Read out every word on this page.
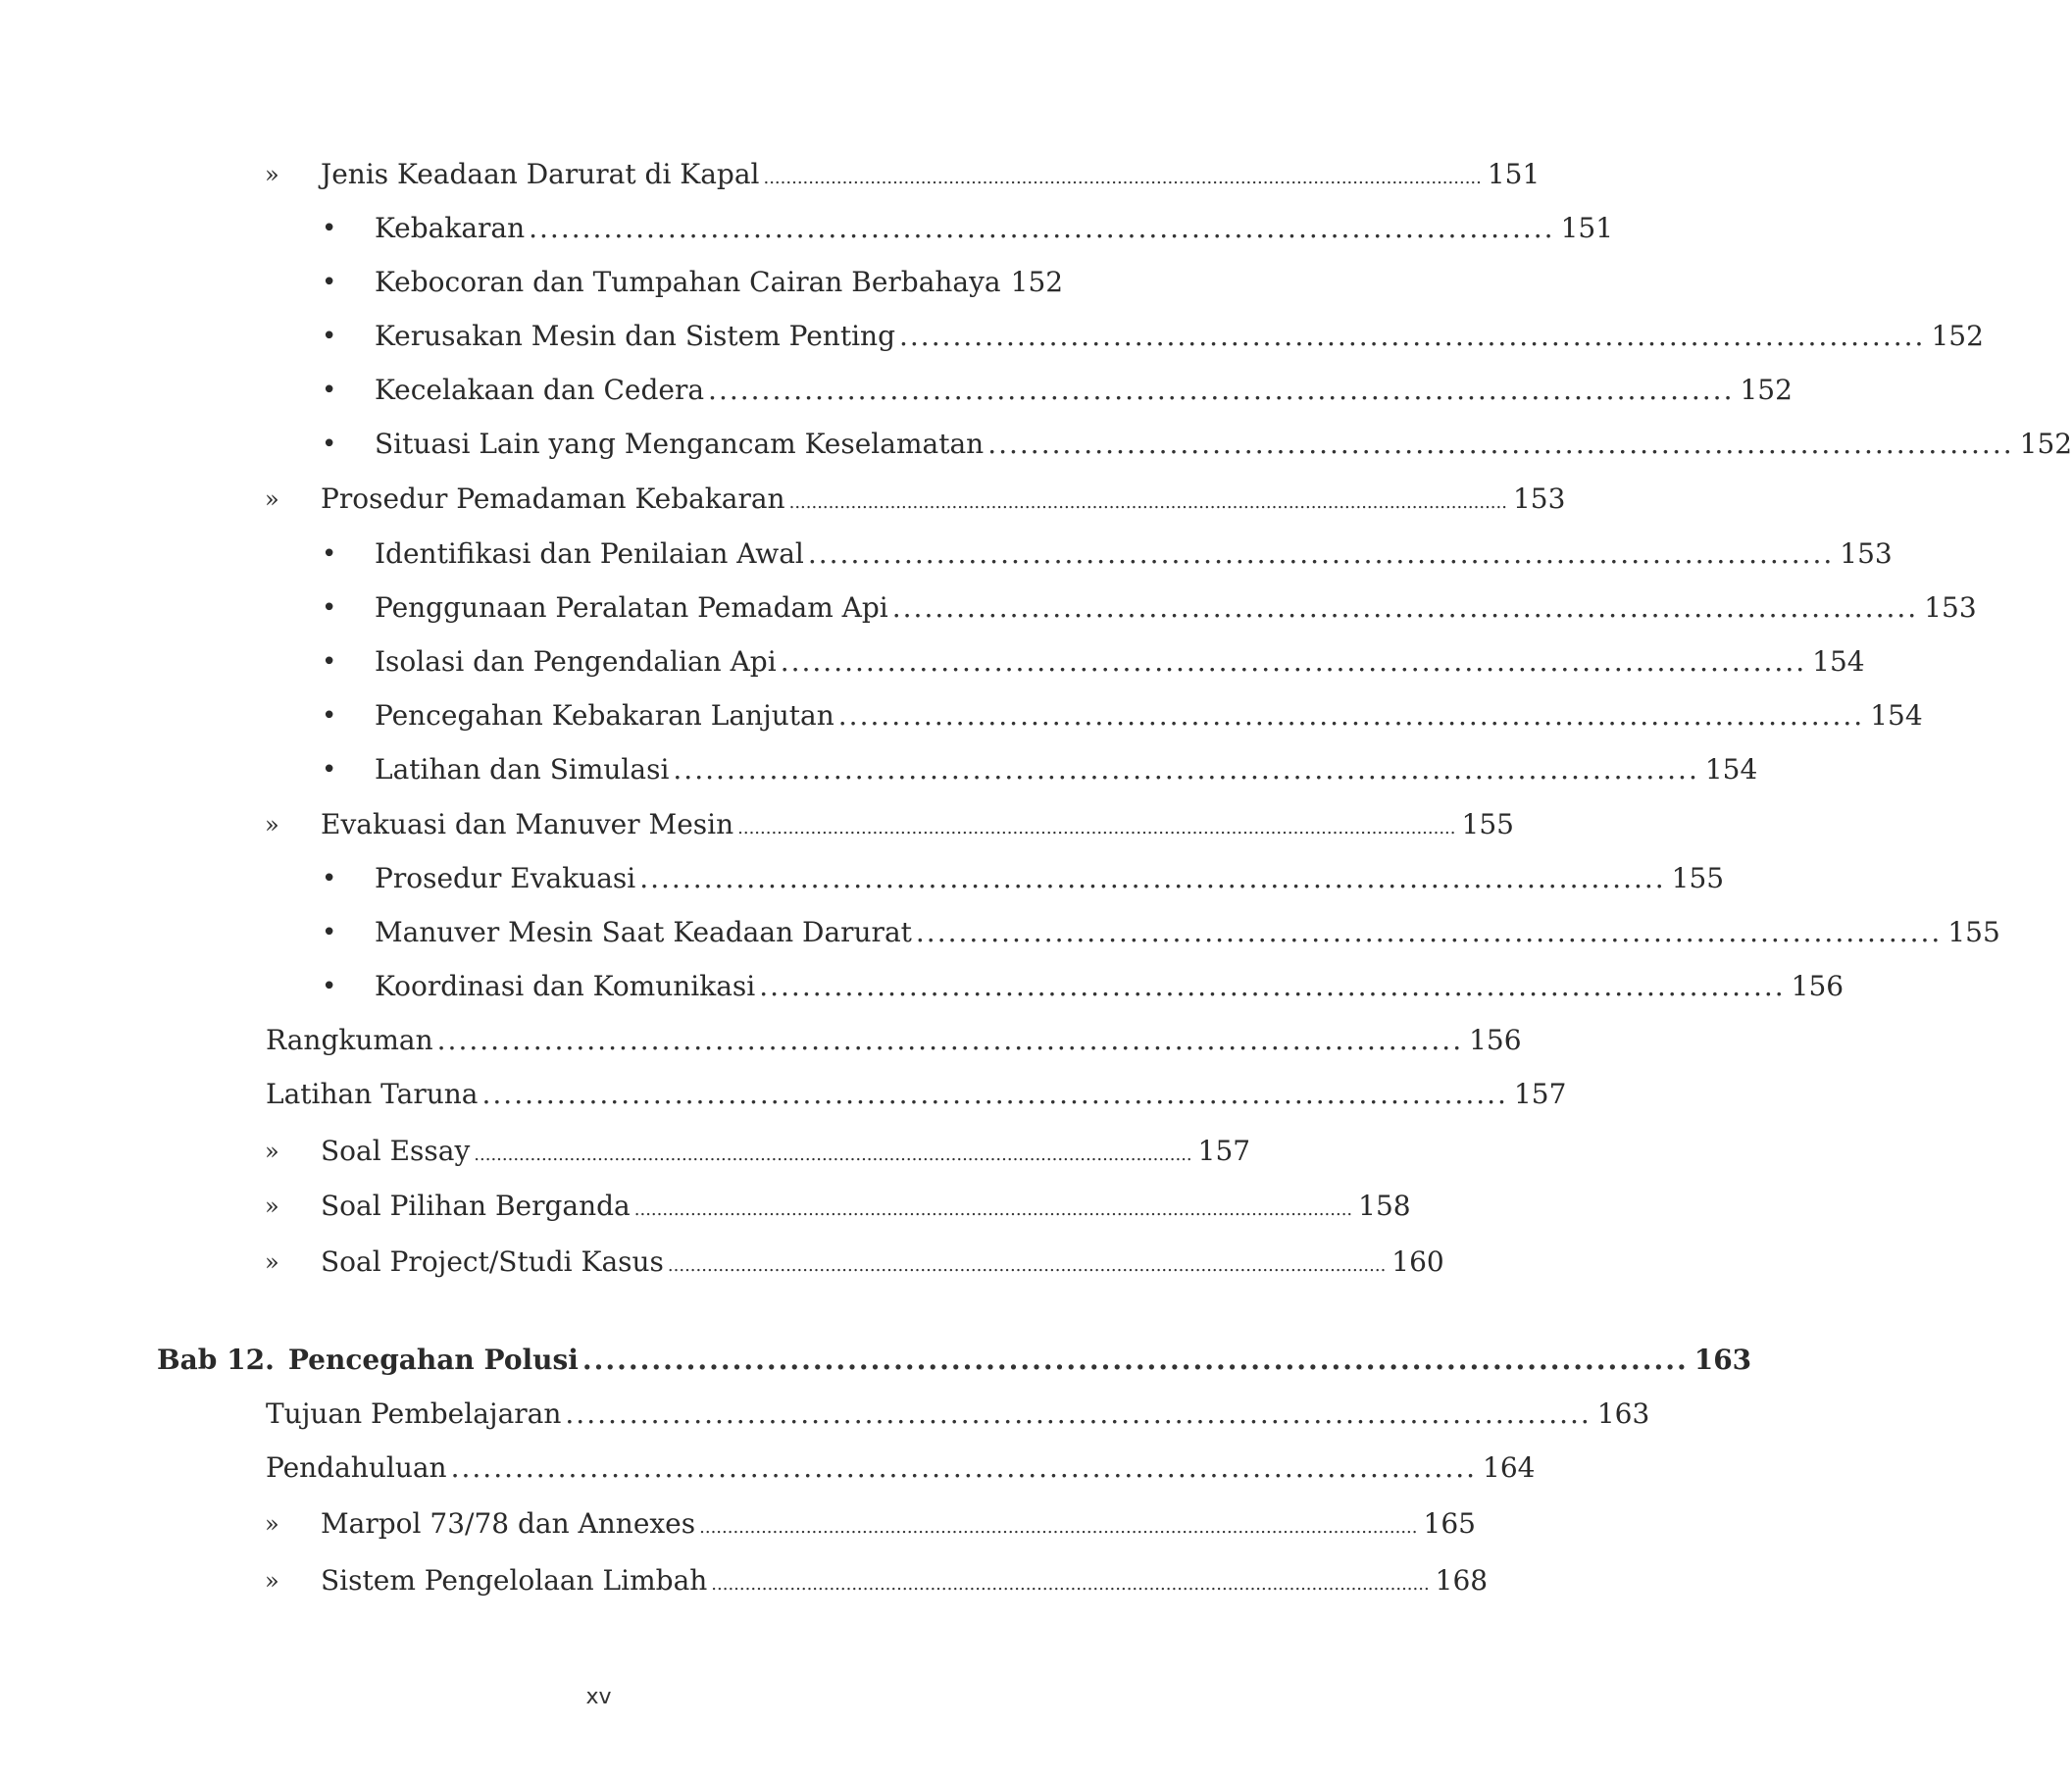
» Jenis Keadaan Darurat di Kapal ................................................................................................................................ 151
• Kebakaran ................................................................................................ 151
• Kebocoran dan Tumpahan Cairan Berbahaya 152
• Kerusakan Mesin dan Sistem Penting ................................................................................................ 152
• Kecelakaan dan Cedera ................................................................................................ 152
• Situasi Lain yang Mengancam Keselamatan ................................................................................................ 152
» Prosedur Pemadaman Kebakaran ................................................................................................................................ 153
• Identifikasi dan Penilaian Awal ................................................................................................ 153
• Penggunaan Peralatan Pemadam Api ................................................................................................ 153
• Isolasi dan Pengendalian Api ................................................................................................ 154
• Pencegahan Kebakaran Lanjutan ................................................................................................ 154
• Latihan dan Simulasi ................................................................................................ 154
» Evakuasi dan Manuver Mesin ................................................................................................................................ 155
• Prosedur Evakuasi ................................................................................................ 155
• Manuver Mesin Saat Keadaan Darurat ................................................................................................ 155
• Koordinasi dan Komunikasi ................................................................................................ 156
Rangkuman ................................................................................................ 156
Latihan Taruna ................................................................................................ 157
» Soal Essay ................................................................................................................................ 157
» Soal Pilihan Berganda ................................................................................................................................ 158
» Soal Project/Studi Kasus ................................................................................................................................ 160
Bab 12. Pencegahan Polusi ................................................................................................ 163
Tujuan Pembelajaran ................................................................................................ 163
Pendahuluan ................................................................................................ 164
» Marpol 73/78 dan Annexes ................................................................................................................................ 165
» Sistem Pengelolaan Limbah ................................................................................................................................ 168
xv
